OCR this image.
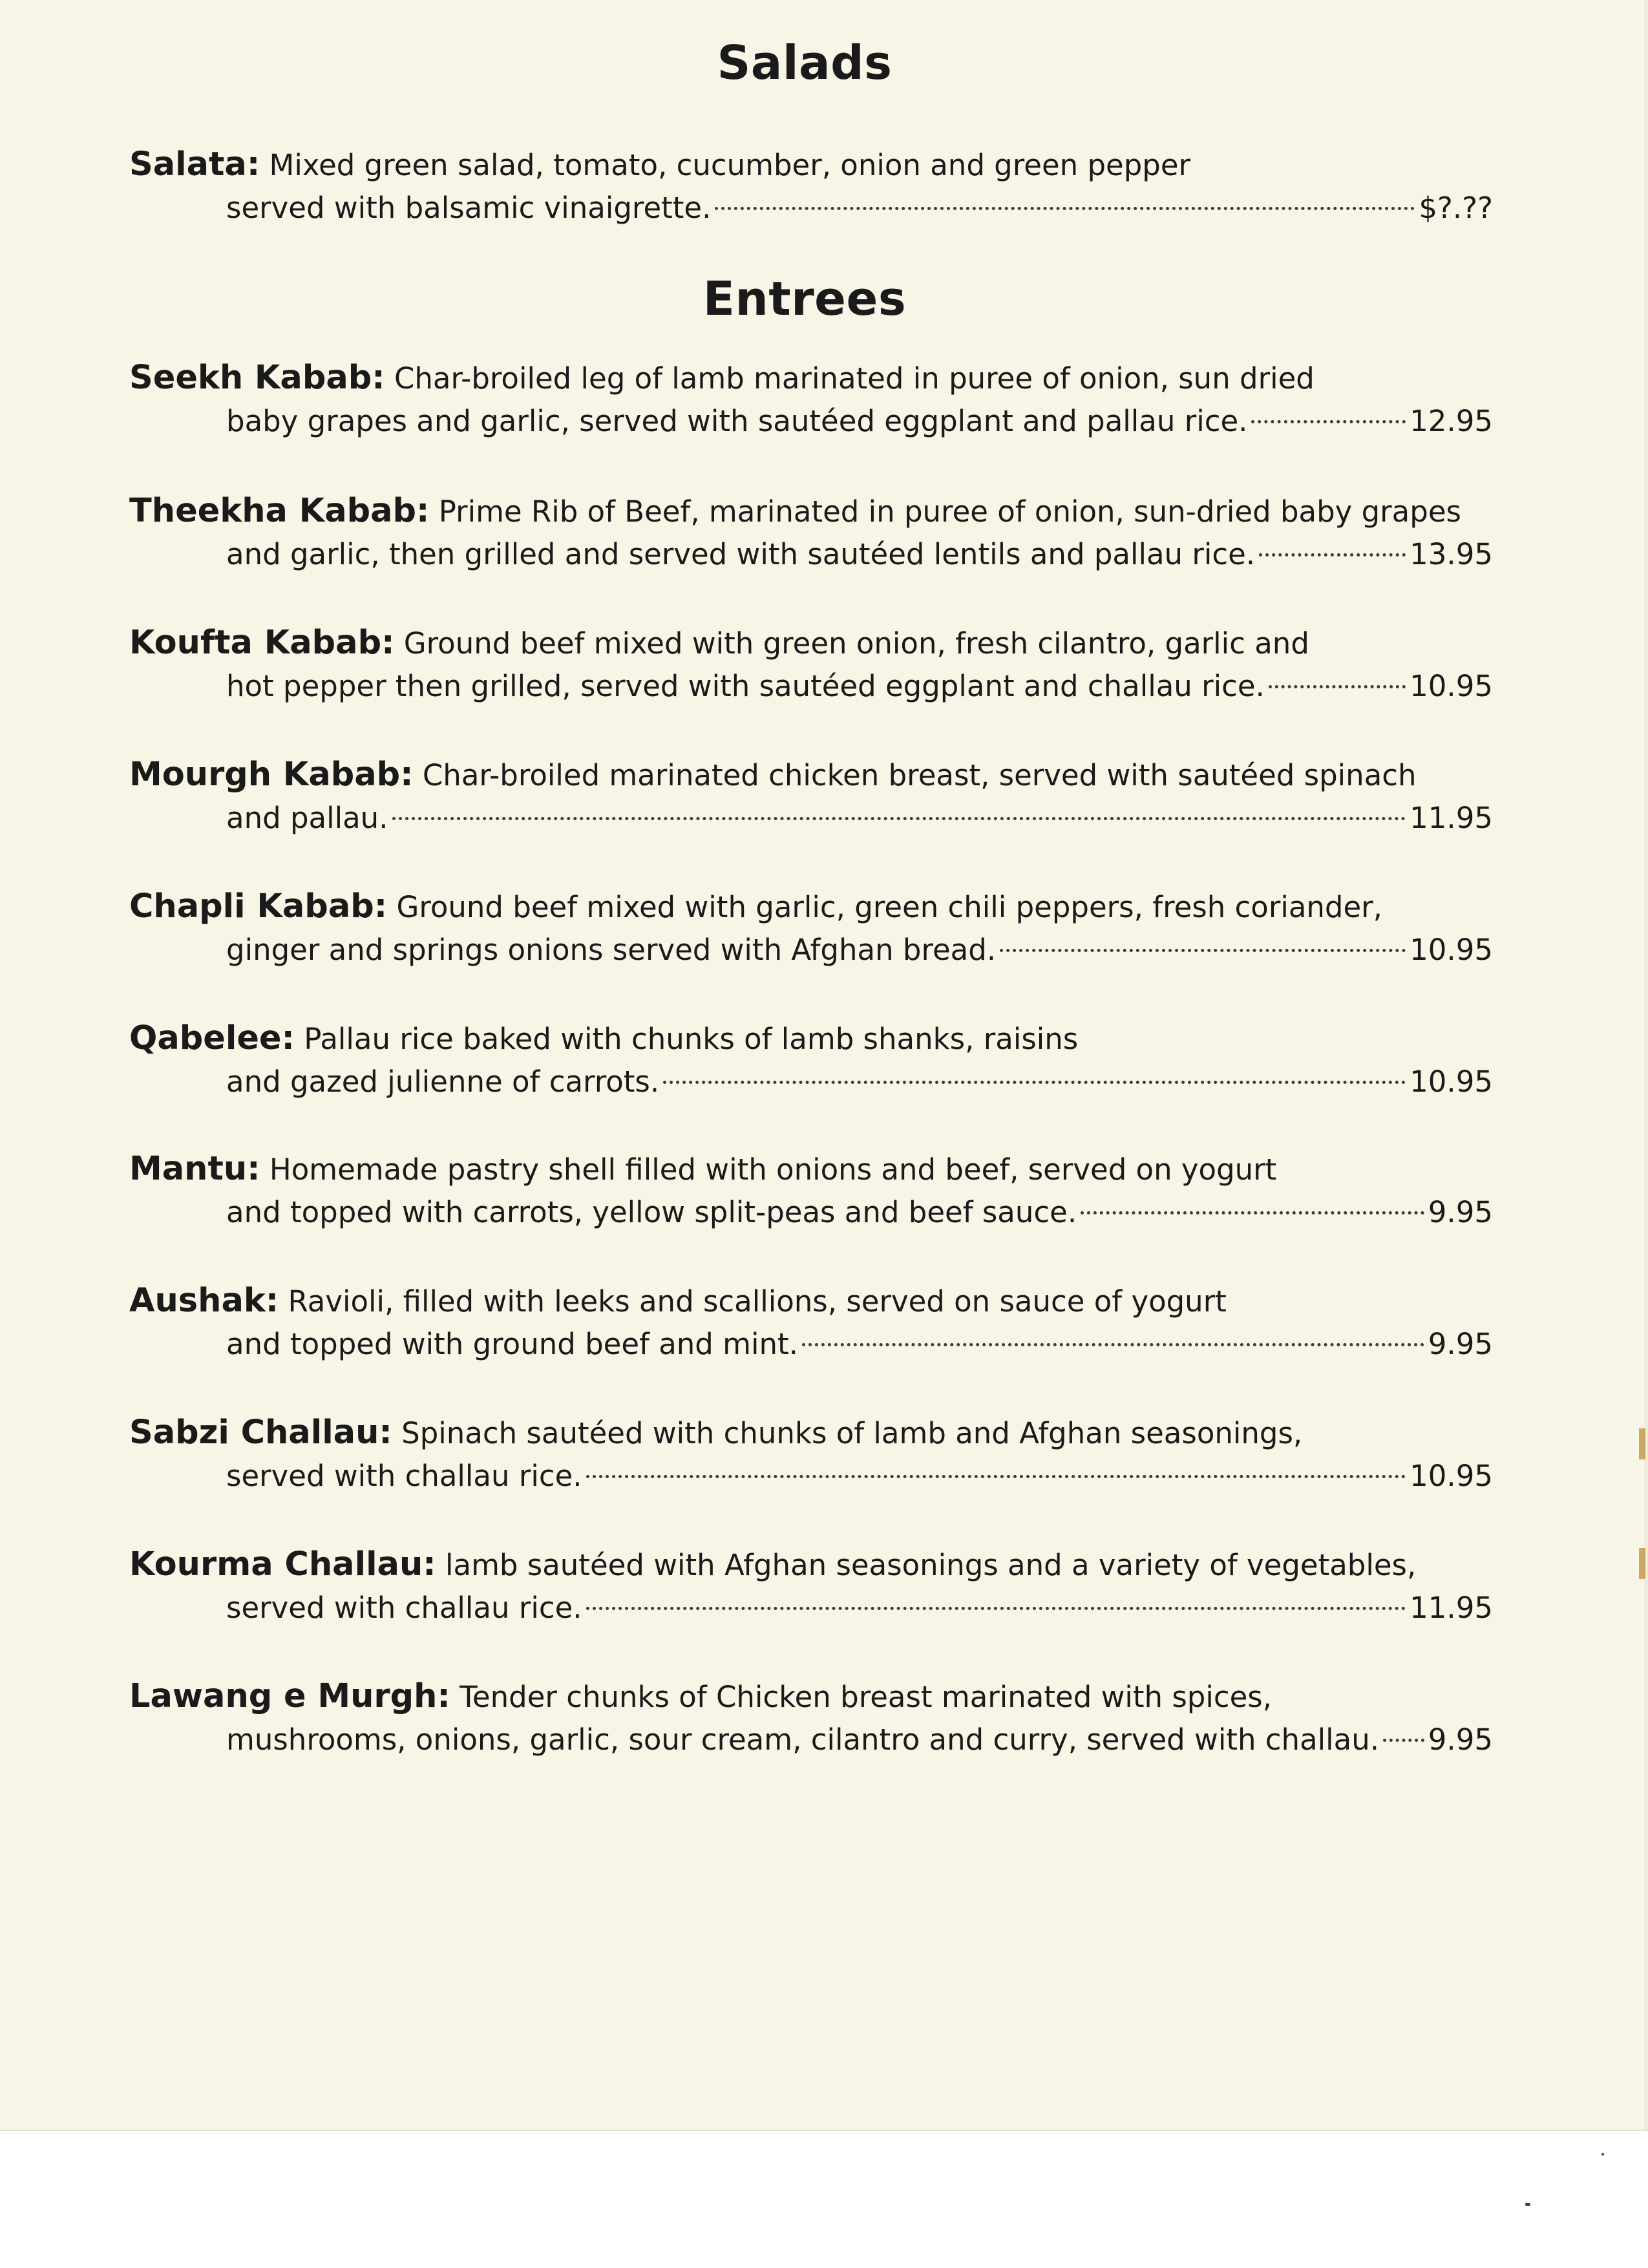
Salads
Salata: Mixed green salad, tomato, cucumber, onion and green pepper
served with balsamic vinaigrette.	$?.??
Entrees
Seekh Kabab: Char-broiled leg of lamb marinated in puree of onion, sun dried
baby grapes and garlic, served with sautéed eggplant and pallau rice.	12.95
Theekha Kabab: Prime Rib of Beef, marinated in puree of onion, sun-dried baby grapes
and garlic, then grilled and served with sautéed lentils and pallau rice.	13.95
Koufta Kabab: Ground beef mixed with green onion, fresh cilantro, garlic and
hot pepper then grilled, served with sautéed eggplant and challau rice.	10.95
Mourgh Kabab: Char-broiled marinated chicken breast, served with sautéed spinach
and pallau.	11.95
Chapli Kabab: Ground beef mixed with garlic, green chili peppers, fresh coriander,
ginger and springs onions served with Afghan bread.	10.95
Qabelee: Pallau rice baked with chunks of lamb shanks, raisins
and gazed julienne of carrots.	10.95
Mantu: Homemade pastry shell filled with onions and beef, served on yogurt
and topped with carrots, yellow split-peas and beef sauce.	9.95
Aushak: Ravioli, filled with leeks and scallions, served on sauce of yogurt
and topped with ground beef and mint.	9.95
Sabzi Challau: Spinach sautéed with chunks of lamb and Afghan seasonings,
served with challau rice.	10.95
Kourma Challau: lamb sautéed with Afghan seasonings and a variety of vegetables,
served with challau rice.	11.95
Lawang e Murgh: Tender chunks of Chicken breast marinated with spices,
mushrooms, onions, garlic, sour cream, cilantro and curry, served with challau. 9.95
